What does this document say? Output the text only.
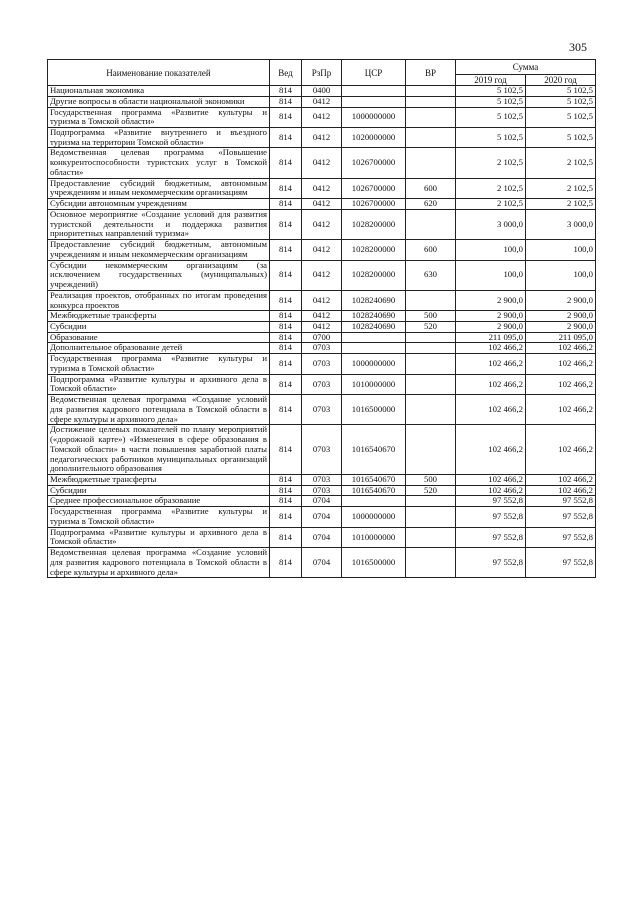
305
Наименование показателей	Вед	РзПр	ЦСР	ВР	Сумма	
					2019 год	2020 год
Национальная экономика	814	0400			5 102,5	5 102,5
Другие вопросы в области национальной экономики	814	0412			5 102,5	5 102,5
Государственная программа «Развитие культуры и туризма в Томской области»	814	0412	1000000000		5 102,5	5 102,5
Подпрограмма «Развитие внутреннего и въездного туризма на территории Томской области»	814	0412	1020000000		5 102,5	5 102,5
Ведомственная целевая программа «Повышение конкурентоспособности туристских услуг в Томской области»	814	0412	1026700000		2 102,5	2 102,5
Предоставление субсидий бюджетным, автономным учреждениям и иным некоммерческим организациям	814	0412	1026700000	600	2 102,5	2 102,5
Субсидии автономным учреждениям	814	0412	1026700000	620	2 102,5	2 102,5
Основное мероприятие «Создание условий для развития туристской деятельности и поддержка развития приоритетных направлений туризма»	814	0412	1028200000		3 000,0	3 000,0
Предоставление субсидий бюджетным, автономным учреждениям и иным некоммерческим организациям	814	0412	1028200000	600	100,0	100,0
Субсидии некоммерческим организациям (за исключением государственных (муниципальных) учреждений)	814	0412	1028200000	630	100,0	100,0
Реализация проектов, отобранных по итогам проведения конкурса проектов	814	0412	1028240690		2 900,0	2 900,0
Межбюджетные трансферты	814	0412	1028240690	500	2 900,0	2 900,0
Субсидии	814	0412	1028240690	520	2 900,0	2 900,0
Образование	814	0700			211 095,0	211 095,0
Дополнительное образование детей	814	0703			102 466,2	102 466,2
Государственная программа «Развитие культуры и туризма в Томской области»	814	0703	1000000000		102 466,2	102 466,2
Подпрограмма «Развитие культуры и архивного дела в Томской области»	814	0703	1010000000		102 466,2	102 466,2
Ведомственная целевая программа «Создание условий для развития кадрового потенциала в Томской области в сфере культуры и архивного дела»	814	0703	1016500000		102 466,2	102 466,2
Достижение целевых показателей по плану мероприятий («дорожной карте») «Изменения в сфере образования в Томской области» в части повышения заработной платы педагогических работников муниципальных организаций дополнительного образования	814	0703	1016540670		102 466,2	102 466,2
Межбюджетные трансферты	814	0703	1016540670	500	102 466,2	102 466,2
Субсидии	814	0703	1016540670	520	102 466,2	102 466,2
Среднее профессиональное образование	814	0704			97 552,8	97 552,8
Государственная программа «Развитие культуры и туризма в Томской области»	814	0704	1000000000		97 552,8	97 552,8
Подпрограмма «Развитие культуры и архивного дела в Томской области»	814	0704	1010000000		97 552,8	97 552,8
Ведомственная целевая программа «Создание условий для развития кадрового потенциала в Томской области в сфере культуры и архивного дела»	814	0704	1016500000		97 552,8	97 552,8
